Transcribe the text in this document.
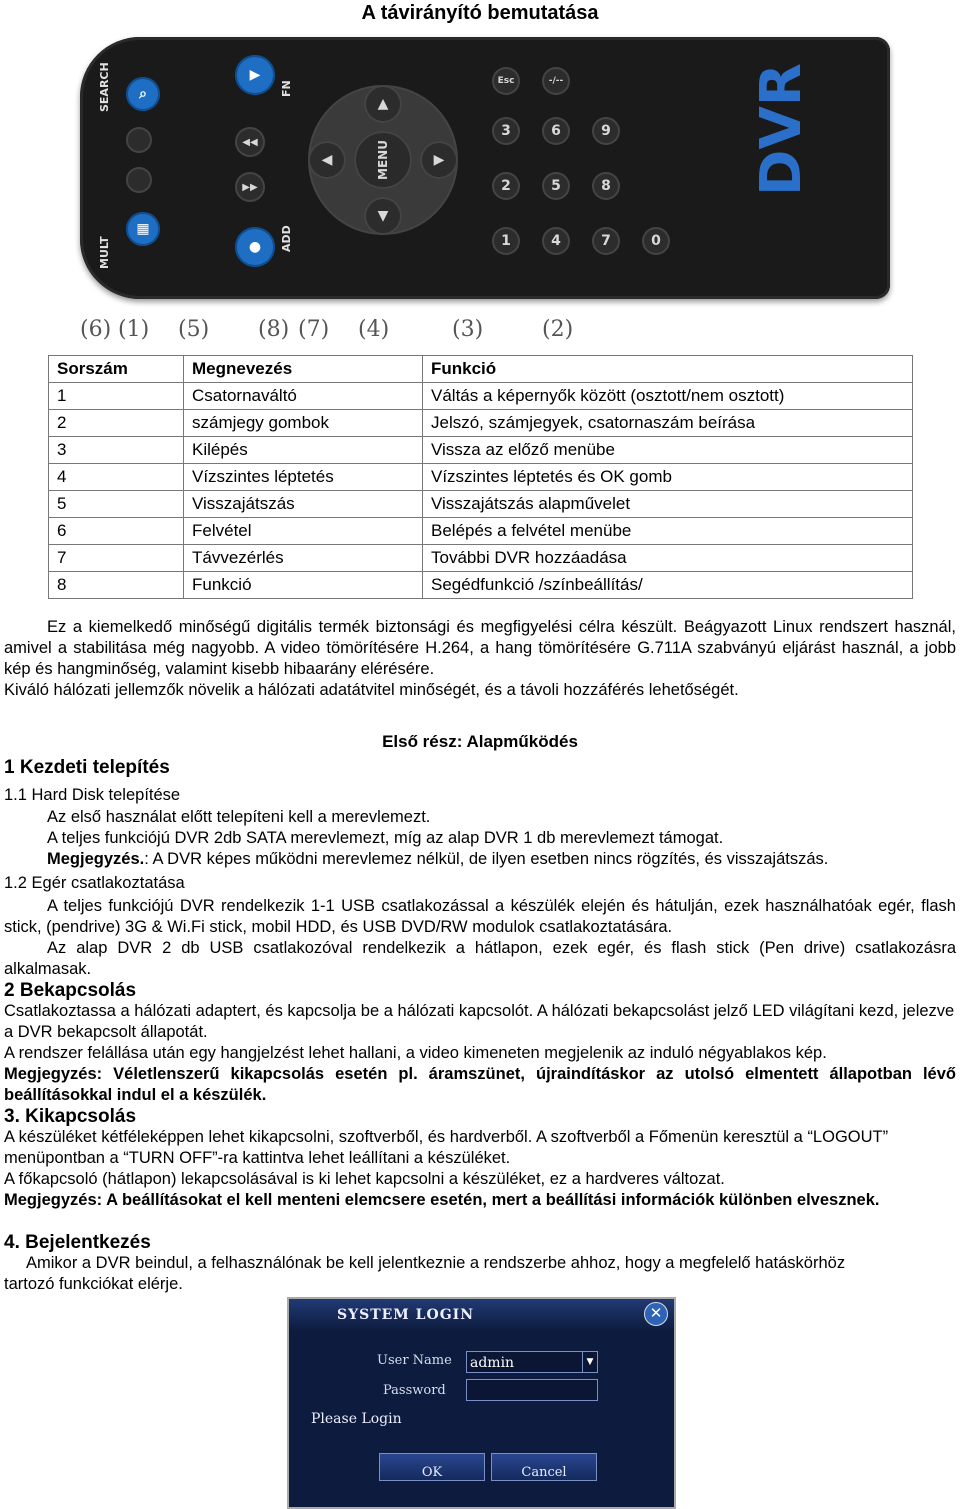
A távirányító bemutatása
SEARCH
MULT
⌕
▦
FN
ADD
▶
●
◀◀
▶▶
▲
▼
◀	▶
MENU
Esc	-/--
3	6	9
2	5	8
1	4	7	0
DVR
(6) (1) (5) (8) (7) (4)	(3)	(2)
Sorszám	Megnevezés	Funkció
1	Csatornaváltó	Váltás a képernyők között (osztott/nem osztott)
2	számjegy gombok	Jelszó, számjegyek, csatornaszám beírása
3	Kilépés	Vissza az előző menübe
4	Vízszintes léptetés	Vízszintes léptetés és OK gomb
5	Visszajátszás	Visszajátszás alapművelet
6	Felvétel	Belépés a felvétel menübe
7	Távvezérlés	További DVR hozzáadása
8	Funkció	Segédfunkció /színbeállítás/
Ez a kiemelkedő minőségű digitális termék biztonsági és megfigyelési célra készült. Beágyazott Linux rendszert használ, amivel a stabilitása még nagyobb. A video tömörítésére H.264, a hang tömörítésére G.711A szabványú eljárást használ, a jobb kép és hangminőség, valamint kisebb hibaarány elérésére.
Kiváló hálózati jellemzők növelik a hálózati adatátvitel minőségét, és a távoli hozzáférés lehetőségét.
Első rész: Alapműködés
1 Kezdeti telepítés
1.1 Hard Disk telepítése
Az első használat előtt telepíteni kell a merevlemezt.
A teljes funkciójú DVR 2db SATA merevlemezt, míg az alap DVR 1 db merevlemezt támogat.
Megjegyzés.: A DVR képes működni merevlemez nélkül, de ilyen esetben nincs rögzítés, és visszajátszás.
1.2 Egér csatlakoztatása
A teljes funkciójú DVR rendelkezik 1-1 USB csatlakozással a készülék elején és hátulján, ezek használhatóak egér, flash stick, (pendrive) 3G & Wi.Fi stick, mobil HDD, és USB DVD/RW modulok csatlakoztatására.
Az alap DVR 2 db USB csatlakozóval rendelkezik a hátlapon, ezek egér, és flash stick (Pen drive) csatlakozásra alkalmasak.
2 Bekapcsolás
Csatlakoztassa a hálózati adaptert, és kapcsolja be a hálózati kapcsolót. A hálózati bekapcsolást jelző LED világítani kezd, jelezve a DVR bekapcsolt állapotát.
A rendszer felállása után egy hangjelzést lehet hallani, a video kimeneten megjelenik az induló négyablakos kép.
Megjegyzés: Véletlenszerű kikapcsolás esetén pl. áramszünet, újraindításkor az utolsó elmentett állapotban lévő beállításokkal indul el a készülék.
3. Kikapcsolás
A készüléket kétféleképpen lehet kikapcsolni, szoftverből, és hardverből. A szoftverből a Főmenün keresztül a “LOGOUT” menüpontban a “TURN OFF”-ra kattintva lehet leállítani a készüléket.
A főkapcsoló (hátlapon) lekapcsolásával is ki lehet kapcsolni a készüléket, ez a hardveres változat.
Megjegyzés: A beállításokat el kell menteni elemcsere esetén, mert a beállítási információk különben elvesznek.
4. Bejelentkezés
Amikor a DVR beindul, a felhasználónak be kell jelentkeznie a rendszerbe ahhoz, hogy a megfelelő hatáskörhöz tartozó funkciókat elérje.
SYSTEM LOGIN	✕
User Name admin	▼
Password
Please Login
OK	Cancel
